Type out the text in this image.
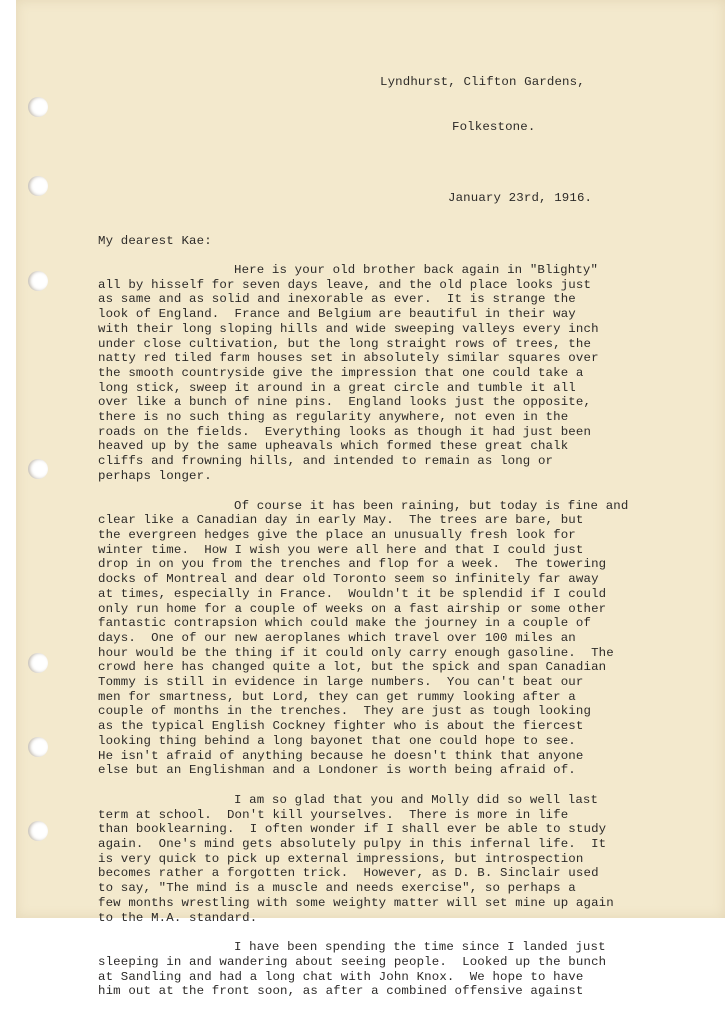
Lyndhurst, Clifton Gardens,

Folkestone.

January 23rd, 1916.
My dearest Kae:
Here is your old brother back again in "Blighty"
all by hisself for seven days leave, and the old place looks just
as same and as solid and inexorable as ever.  It is strange the
look of England.  France and Belgium are beautiful in their way
with their long sloping hills and wide sweeping valleys every inch
under close cultivation, but the long straight rows of trees, the
natty red tiled farm houses set in absolutely similar squares over
the smooth countryside give the impression that one could take a
long stick, sweep it around in a great circle and tumble it all
over like a bunch of nine pins.  England looks just the opposite,
there is no such thing as regularity anywhere, not even in the
roads on the fields.  Everything looks as though it had just been
heaved up by the same upheavals which formed these great chalk
cliffs and frowning hills, and intended to remain as long or
perhaps longer.
Of course it has been raining, but today is fine and
clear like a Canadian day in early May.  The trees are bare, but
the evergreen hedges give the place an unusually fresh look for
winter time.  How I wish you were all here and that I could just
drop in on you from the trenches and flop for a week.  The towering
docks of Montreal and dear old Toronto seem so infinitely far away
at times, especially in France.  Wouldn't it be splendid if I could
only run home for a couple of weeks on a fast airship or some other
fantastic contrapsion which could make the journey in a couple of
days.  One of our new aeroplanes which travel over 100 miles an
hour would be the thing if it could only carry enough gasoline.  The
crowd here has changed quite a lot, but the spick and span Canadian
Tommy is still in evidence in large numbers.  You can't beat our
men for smartness, but Lord, they can get rummy looking after a
couple of months in the trenches.  They are just as tough looking
as the typical English Cockney fighter who is about the fiercest
looking thing behind a long bayonet that one could hope to see.
He isn't afraid of anything because he doesn't think that anyone
else but an Englishman and a Londoner is worth being afraid of.
I am so glad that you and Molly did so well last
term at school.  Don't kill yourselves.  There is more in life
than booklearning.  I often wonder if I shall ever be able to study
again.  One's mind gets absolutely pulpy in this infernal life.  It
is very quick to pick up external impressions, but introspection
becomes rather a forgotten trick.  However, as D. B. Sinclair used
to say, "The mind is a muscle and needs exercise", so perhaps a
few months wrestling with some weighty matter will set mine up again
to the M.A. standard.
I have been spending the time since I landed just
sleeping in and wandering about seeing people.  Looked up the bunch
at Sandling and had a long chat with John Knox.  We hope to have
him out at the front soon, as after a combined offensive against
